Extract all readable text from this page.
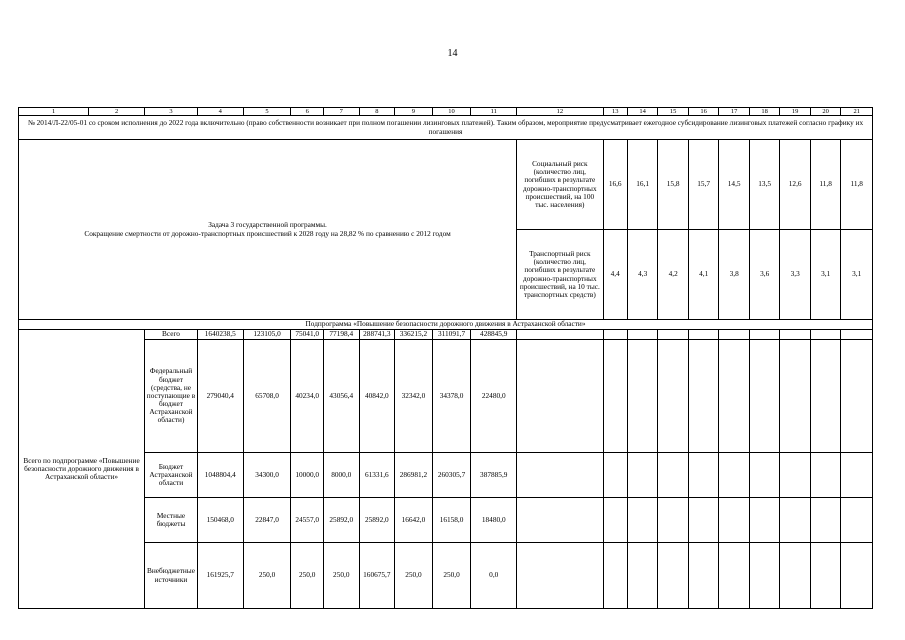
14
1	2	3	4	5	6	7	8	9	10	11	12	13	14	15	16	17	18	19	20	21
№ 2014/Л-22/05-01 со сроком исполнения до 2022 года включительно (право собственности возникает при полном погашении лизинговых платежей). Таким образом, мероприятие предусматривает ежегодное субсидирование лизинговых платежей согласно графику их погашения																				

Задача 3 государственной программы.
Сокращение смертности от дорожно-транспортных происшествий к 2028 году на 28,82 % по сравнению с 2012 годом											Социальный риск (количество лиц, погибших в результате дорожно-транспортных происшествий, на 100 тыс. населения)	16,6	16,1	15,8	15,7	14,5	13,5	12,6	11,8	11,8
											Транспортный риск (количество лиц, погибших в результате дорожно-транспортных происшествий, на 10 тыс. транспортных средств)	4,4	4,3	4,2	4,1	3,8	3,6	3,3	3,1	3,1
Подпрограмма «Повышение безопасности дорожного движения в Астраханской области»																				
Всего по подпрограмме «Повышение безопасности дорожного движения в Астраханской области»		Всего	1640238,5	123105,0	75041,0	77198,4	288741,3	336215,2	311091,7	428845,9										
		Федеральный бюджет (средства, не поступающие в бюджет Астраханской области)	279040,4	65708,0	40234,0	43056,4	40842,0	32342,0	34378,0	22480,0										
		Бюджет Астраханской области	1048804,4	34300,0	10000,0	8000,0	61331,6	286981,2	260305,7	387885,9										
		Местные бюджеты	150468,0	22847,0	24557,0	25892,0	25892,0	16642,0	16158,0	18480,0										
		Внебюджетные источники	161925,7	250,0	250,0	250,0	160675,7	250,0	250,0	0,0										
